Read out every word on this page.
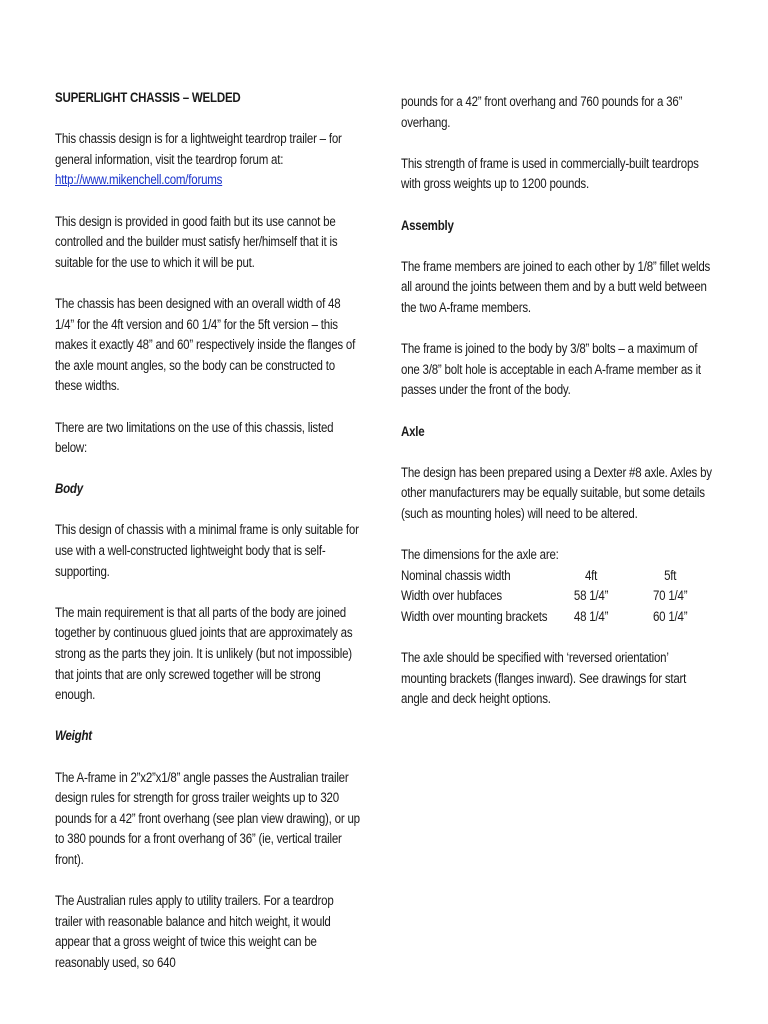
SUPERLIGHT CHASSIS – WELDED

This chassis design is for a lightweight teardrop trailer – for general information, visit the teardrop forum at:
http://www.mikenchell.com/forums

This design is provided in good faith but its use cannot be controlled and the builder must satisfy her/himself that it is suitable for the use to which it will be put.

The chassis has been designed with an overall width of 48 1/4” for the 4ft version and 60 1/4” for the 5ft version – this makes it exactly 48” and 60” respectively inside the flanges of the axle mount angles, so the body can be constructed to these widths.

There are two limitations on the use of this chassis, listed below:

Body

This design of chassis with a minimal frame is only suitable for use with a well-constructed lightweight body that is self-supporting.

The main requirement is that all parts of the body are joined together by continuous glued joints that are approximately as strong as the parts they join. It is unlikely (but not impossible) that joints that are only screwed together will be strong enough.

Weight

The A-frame in 2”x2”x1/8” angle passes the Australian trailer design rules for strength for gross trailer weights up to 320 pounds for a 42” front overhang (see plan view drawing), or up to 380 pounds for a front overhang of 36” (ie, vertical trailer front).

The Australian rules apply to utility trailers. For a teardrop trailer with reasonable balance and hitch weight, it would appear that a gross weight of twice this weight can be reasonably used, so 640

pounds for a 42” front overhang and 760 pounds for a 36” overhang.

This strength of frame is used in commercially-built teardrops with gross weights up to 1200 pounds.

Assembly

The frame members are joined to each other by 1/8” fillet welds all around the joints between them and by a butt weld between the two A-frame members.

The frame is joined to the body by 3/8” bolts – a maximum of one 3/8” bolt hole is acceptable in each A-frame member as it passes under the front of the body.

Axle

The design has been prepared using a Dexter #8 axle. Axles by other manufacturers may be equally suitable, but some details (such as mounting holes) will need to be altered.

The dimensions for the axle are:

Nominal chassis width	4ft	5ft
Width over hubfaces	58 1/4”	70 1/4”
Width over mounting brackets	48 1/4”	60 1/4”

The axle should be specified with ‘reversed orientation’ mounting brackets (flanges inward). See drawings for start angle and deck height options.
